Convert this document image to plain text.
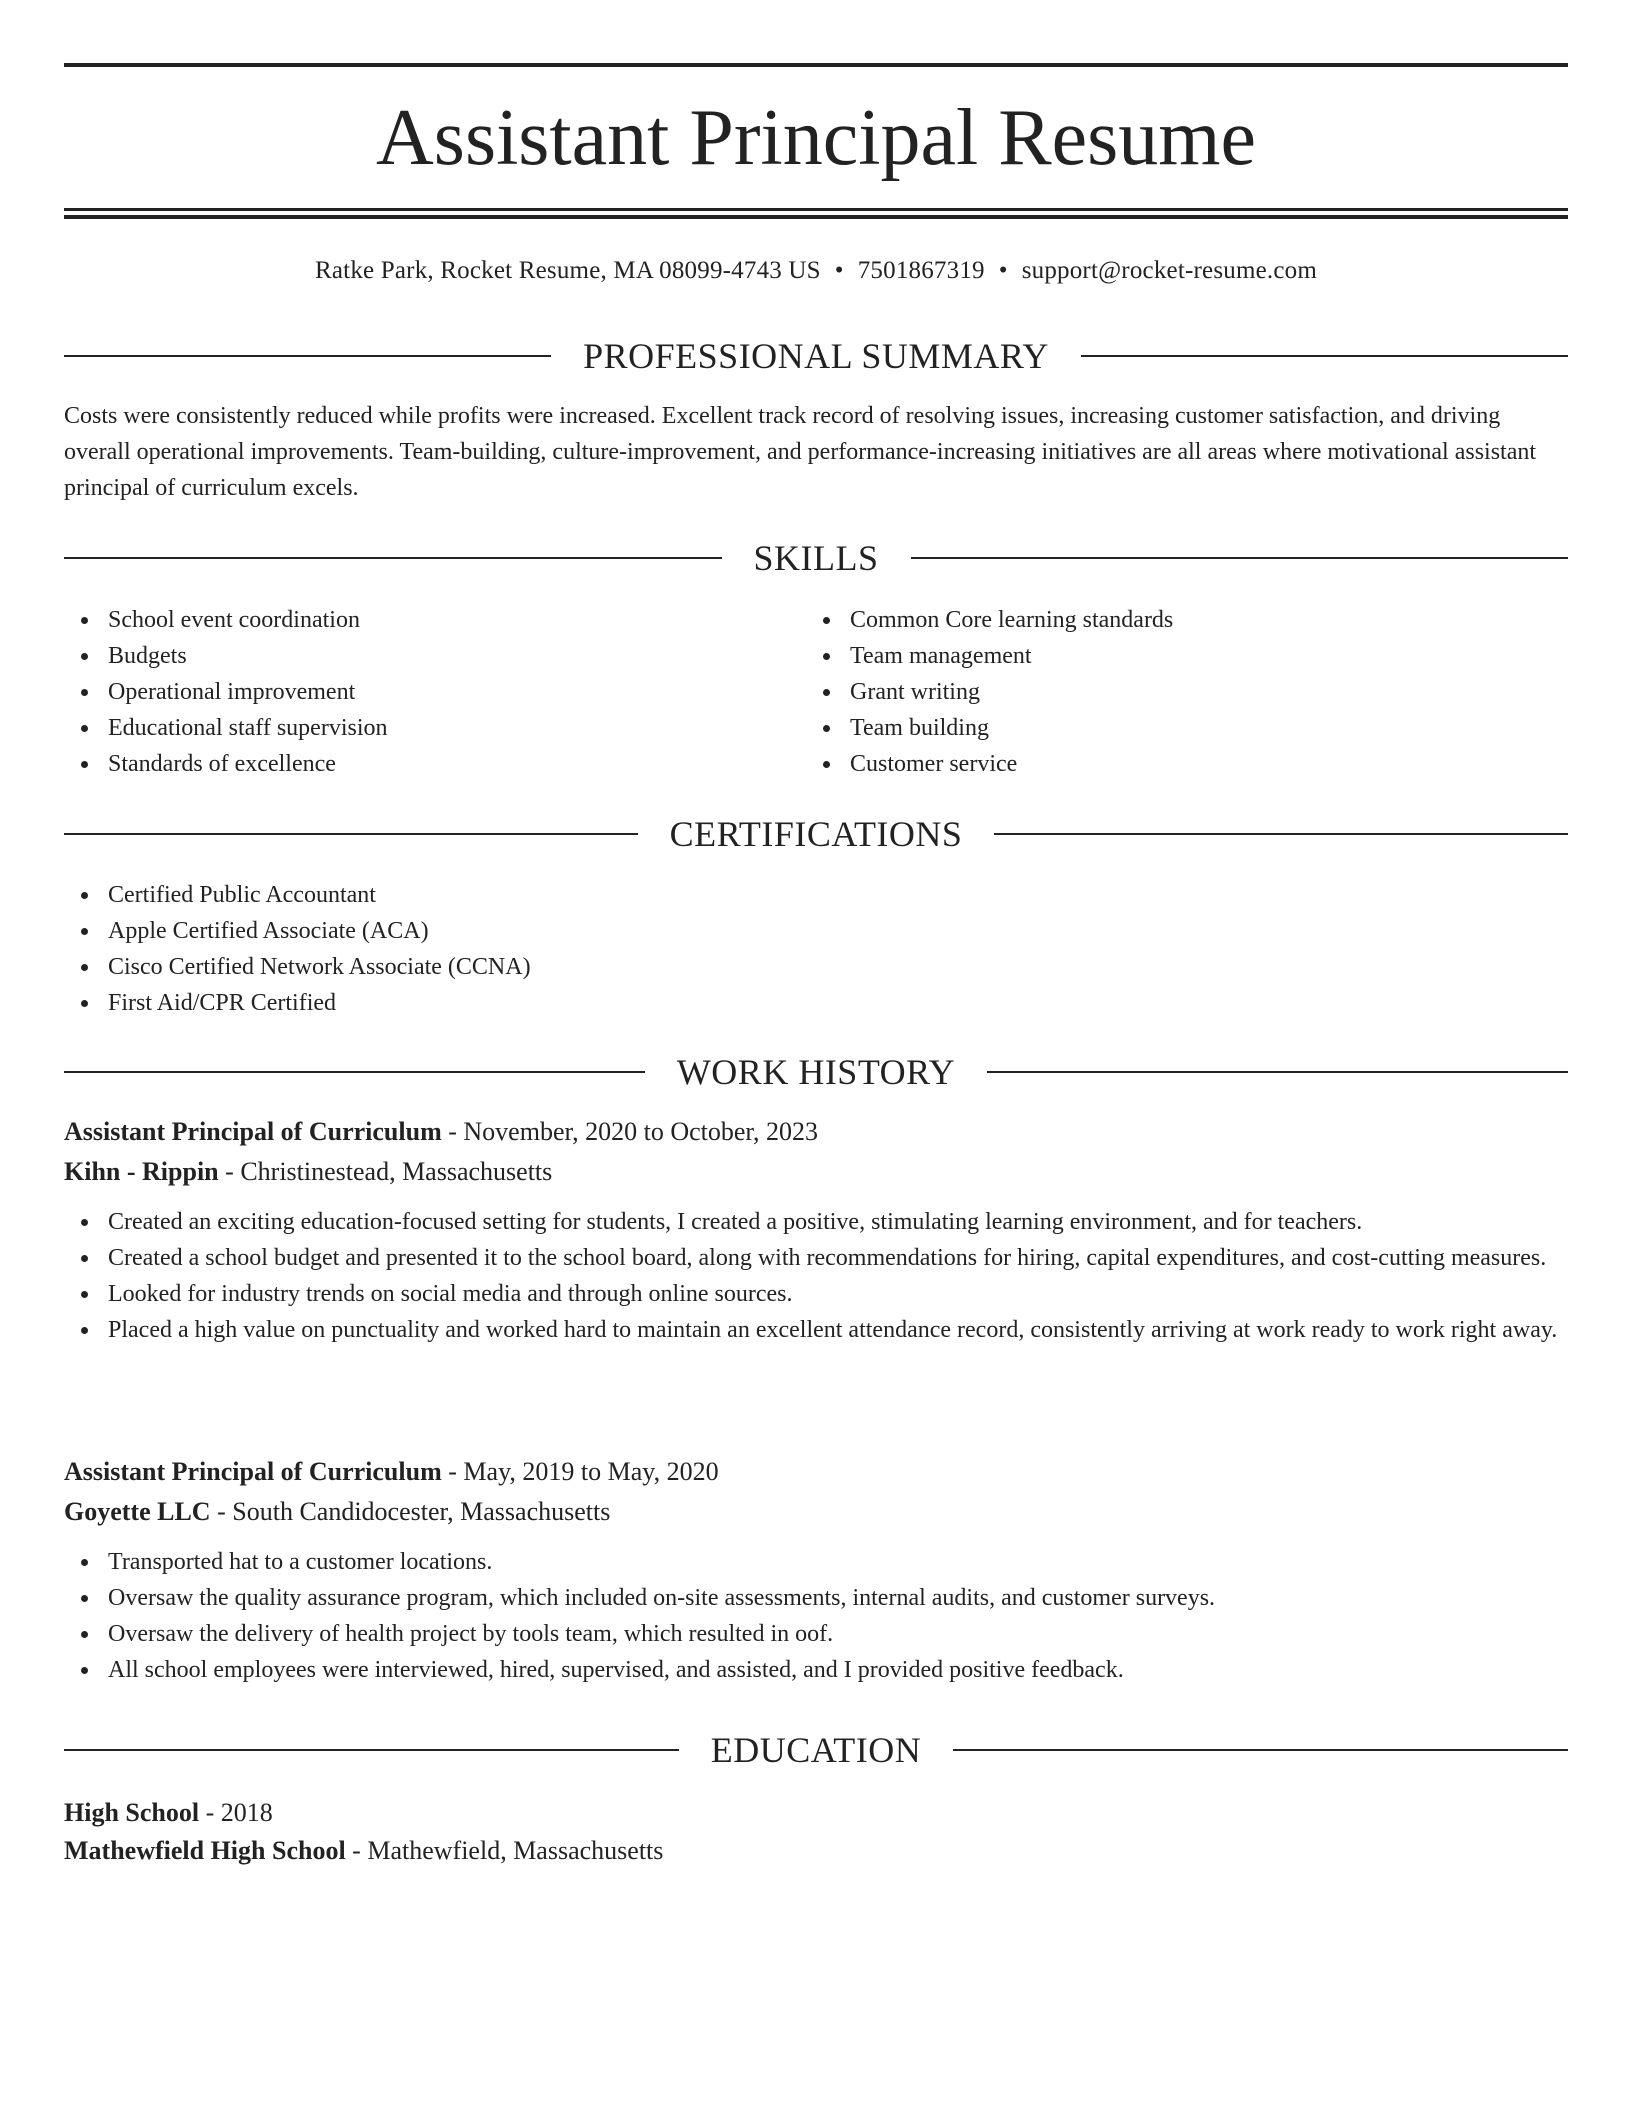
Assistant Principal Resume
Ratke Park, Rocket Resume, MA 08099-4743 US • 7501867319 • support@rocket-resume.com
PROFESSIONAL SUMMARY

Costs were consistently reduced while profits were increased. Excellent track record of resolving issues, increasing customer satisfaction, and driving overall operational improvements. Team-building, culture-improvement, and performance-increasing initiatives are all areas where motivational assistant principal of curriculum excels.

SKILLS
School event coordination
Budgets
Operational improvement
Educational staff supervision
Standards of excellence
Common Core learning standards
Team management
Grant writing
Team building
Customer service
CERTIFICATIONS
Certified Public Accountant
Apple Certified Associate (ACA)
Cisco Certified Network Associate (CCNA)
First Aid/CPR Certified
WORK HISTORY
Assistant Principal of Curriculum - November, 2020 to October, 2023
Kihn - Rippin - Christinestead, Massachusetts
Created an exciting education-focused setting for students, I created a positive, stimulating learning environment, and for teachers.
Created a school budget and presented it to the school board, along with recommendations for hiring, capital expenditures, and cost-cutting measures.
Looked for industry trends on social media and through online sources.
Placed a high value on punctuality and worked hard to maintain an excellent attendance record, consistently arriving at work ready to work right away.
Assistant Principal of Curriculum - May, 2019 to May, 2020
Goyette LLC - South Candidocester, Massachusetts
Transported hat to a customer locations.
Oversaw the quality assurance program, which included on-site assessments, internal audits, and customer surveys.
Oversaw the delivery of health project by tools team, which resulted in oof.
All school employees were interviewed, hired, supervised, and assisted, and I provided positive feedback.
EDUCATION
High School - 2018
Mathewfield High School - Mathewfield, Massachusetts
